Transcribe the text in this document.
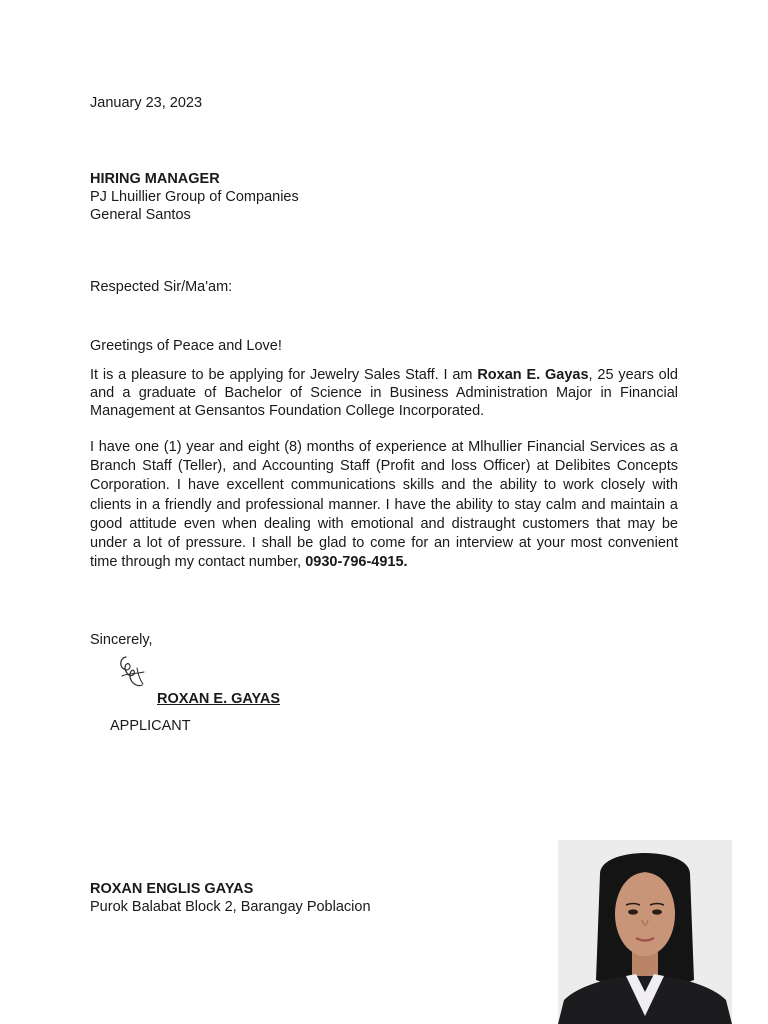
January 23, 2023
HIRING MANAGER
PJ Lhuillier Group of Companies
General Santos
Respected Sir/Ma'am:
Greetings of Peace and Love!

It is a pleasure to be applying for Jewelry Sales Staff. I am Roxan E. Gayas, 25 years old and a graduate of Bachelor of Science in Business Administration Major in Financial Management at Gensantos Foundation College Incorporated.

I have one (1) year and eight (8) months of experience at Mlhullier Financial Services as a Branch Staff (Teller), and Accounting Staff (Profit and loss Officer) at Delibites Concepts Corporation. I have excellent communications skills and the ability to work closely with clients in a friendly and professional manner. I have the ability to stay calm and maintain a good attitude even when dealing with emotional and distraught customers that may be under a lot of pressure. I shall be glad to come for an interview at your most convenient time through my contact number, 0930-796-4915.

Sincerely,
ROXAN E. GAYAS
APPLICANT
ROXAN ENGLIS GAYAS
Purok Balabat Block 2, Barangay Poblacion
